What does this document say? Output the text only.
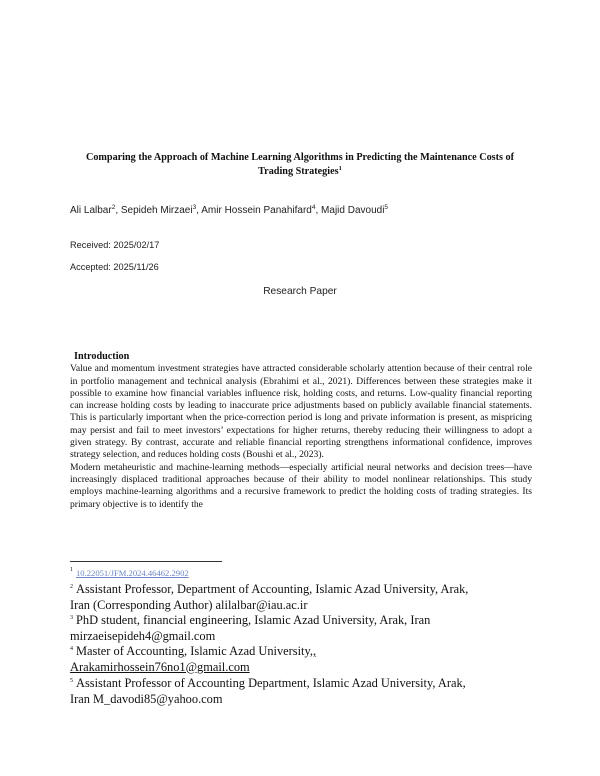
Comparing the Approach of Machine Learning Algorithms in Predicting the Maintenance Costs of Trading Strategies$^1$
Ali Lalbar$^2$, Sepideh Mirzaei$^3$, Amir Hossein Panahifard$^4$, Majid Davoudi$^5$
Received: 2025/02/17
Accepted: 2025/11/26
Research Paper
Introduction

Value and momentum investment strategies have attracted considerable scholarly attention because of their central role in portfolio management and technical analysis (Ebrahimi et al., 2021). Differences between these strategies make it possible to examine how financial variables influence risk, holding costs, and returns. Low-quality financial reporting can increase holding costs by leading to inaccurate price adjustments based on publicly available financial statements. This is particularly important when the price-correction period is long and private information is present, as mispricing may persist and fail to meet investors’ expectations for higher returns, thereby reducing their willingness to adopt a given strategy. By contrast, accurate and reliable financial reporting strengthens informational confidence, improves strategy selection, and reduces holding costs (Boushi et al., 2023).

Modern metaheuristic and machine-learning methods—especially artificial neural networks and decision trees—have increasingly displaced traditional approaches because of their ability to model nonlinear relationships. This study employs machine-learning algorithms and a recursive framework to predict the holding costs of trading strategies. Its primary objective is to identify the

$^1$ 10.22051/JFM.2024.46462.2902
$^2$ Assistant Professor, Department of Accounting, Islamic Azad University, Arak,
Iran (Corresponding Author) alilalbar@iau.ac.ir
$^3$ PhD student, financial engineering, Islamic Azad University, Arak, Iran
mirzaeisepideh4@gmail.com
$^4$ Master of Accounting, Islamic Azad University,,
Arakamirhossein76no1@gmail.com
$^5$ Assistant Professor of Accounting Department, Islamic Azad University, Arak,
Iran M_davodi85@yahoo.com
